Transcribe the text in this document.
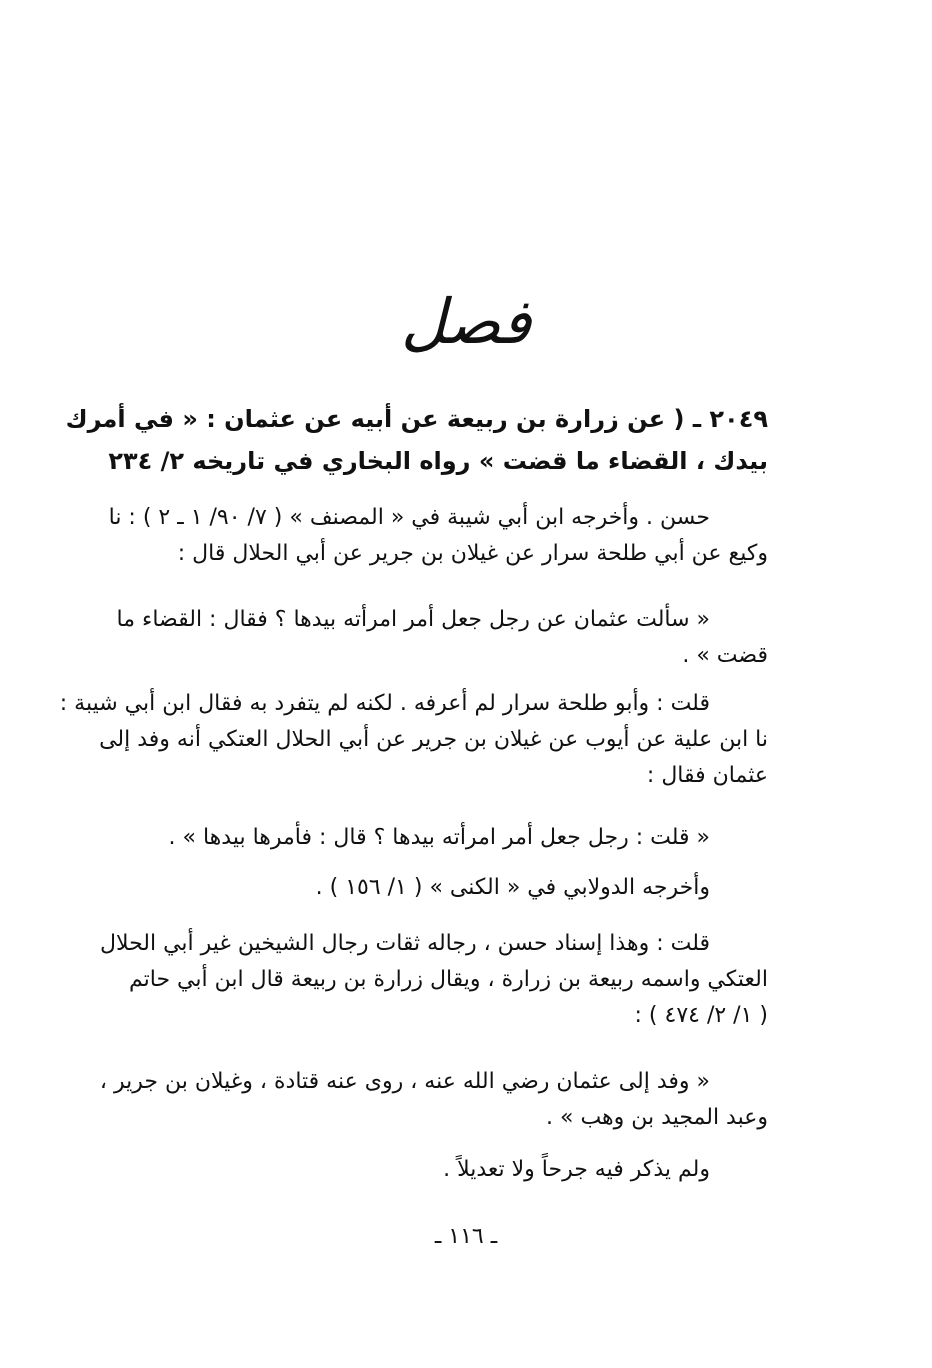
فصل
٢٠٤٩ ـ ( عن زرارة بن ربيعة عن أبيه عن عثمان : « في أمرك
بيدك ، القضاء ما قضت » رواه البخاري في تاريخه ٢/ ٢٣٤
حسن . وأخرجه ابن أبي شيبة في « المصنف » ( ٧/ ٩٠/ ١ ـ ٢ ) : نا
وكيع عن أبي طلحة سرار عن غيلان بن جرير عن أبي الحلال قال :
« سألت عثمان عن رجل جعل أمر امرأته بيدها ؟ فقال : القضاء ما
قضت » .
قلت : وأبو طلحة سرار لم أعرفه . لكنه لم يتفرد به فقال ابن أبي شيبة :
نا ابن علية عن أيوب عن غيلان بن جرير عن أبي الحلال العتكي أنه وفد إلى
عثمان فقال :
« قلت : رجل جعل أمر امرأته بيدها ؟ قال : فأمرها بيدها » .
وأخرجه الدولابي في « الكنى » ( ١/ ١٥٦ ) .
قلت : وهذا إسناد حسن ، رجاله ثقات رجال الشيخين غير أبي الحلال
العتكي واسمه ربيعة بن زرارة ، ويقال زرارة بن ربيعة قال ابن أبي حاتم
( ١/ ٢/ ٤٧٤ ) :
« وفد إلى عثمان رضي الله عنه ، روى عنه قتادة ، وغيلان بن جرير ،
وعبد المجيد بن وهب » .
ولم يذكر فيه جرحاً ولا تعديلاً .
ـ ١١٦ ـ
